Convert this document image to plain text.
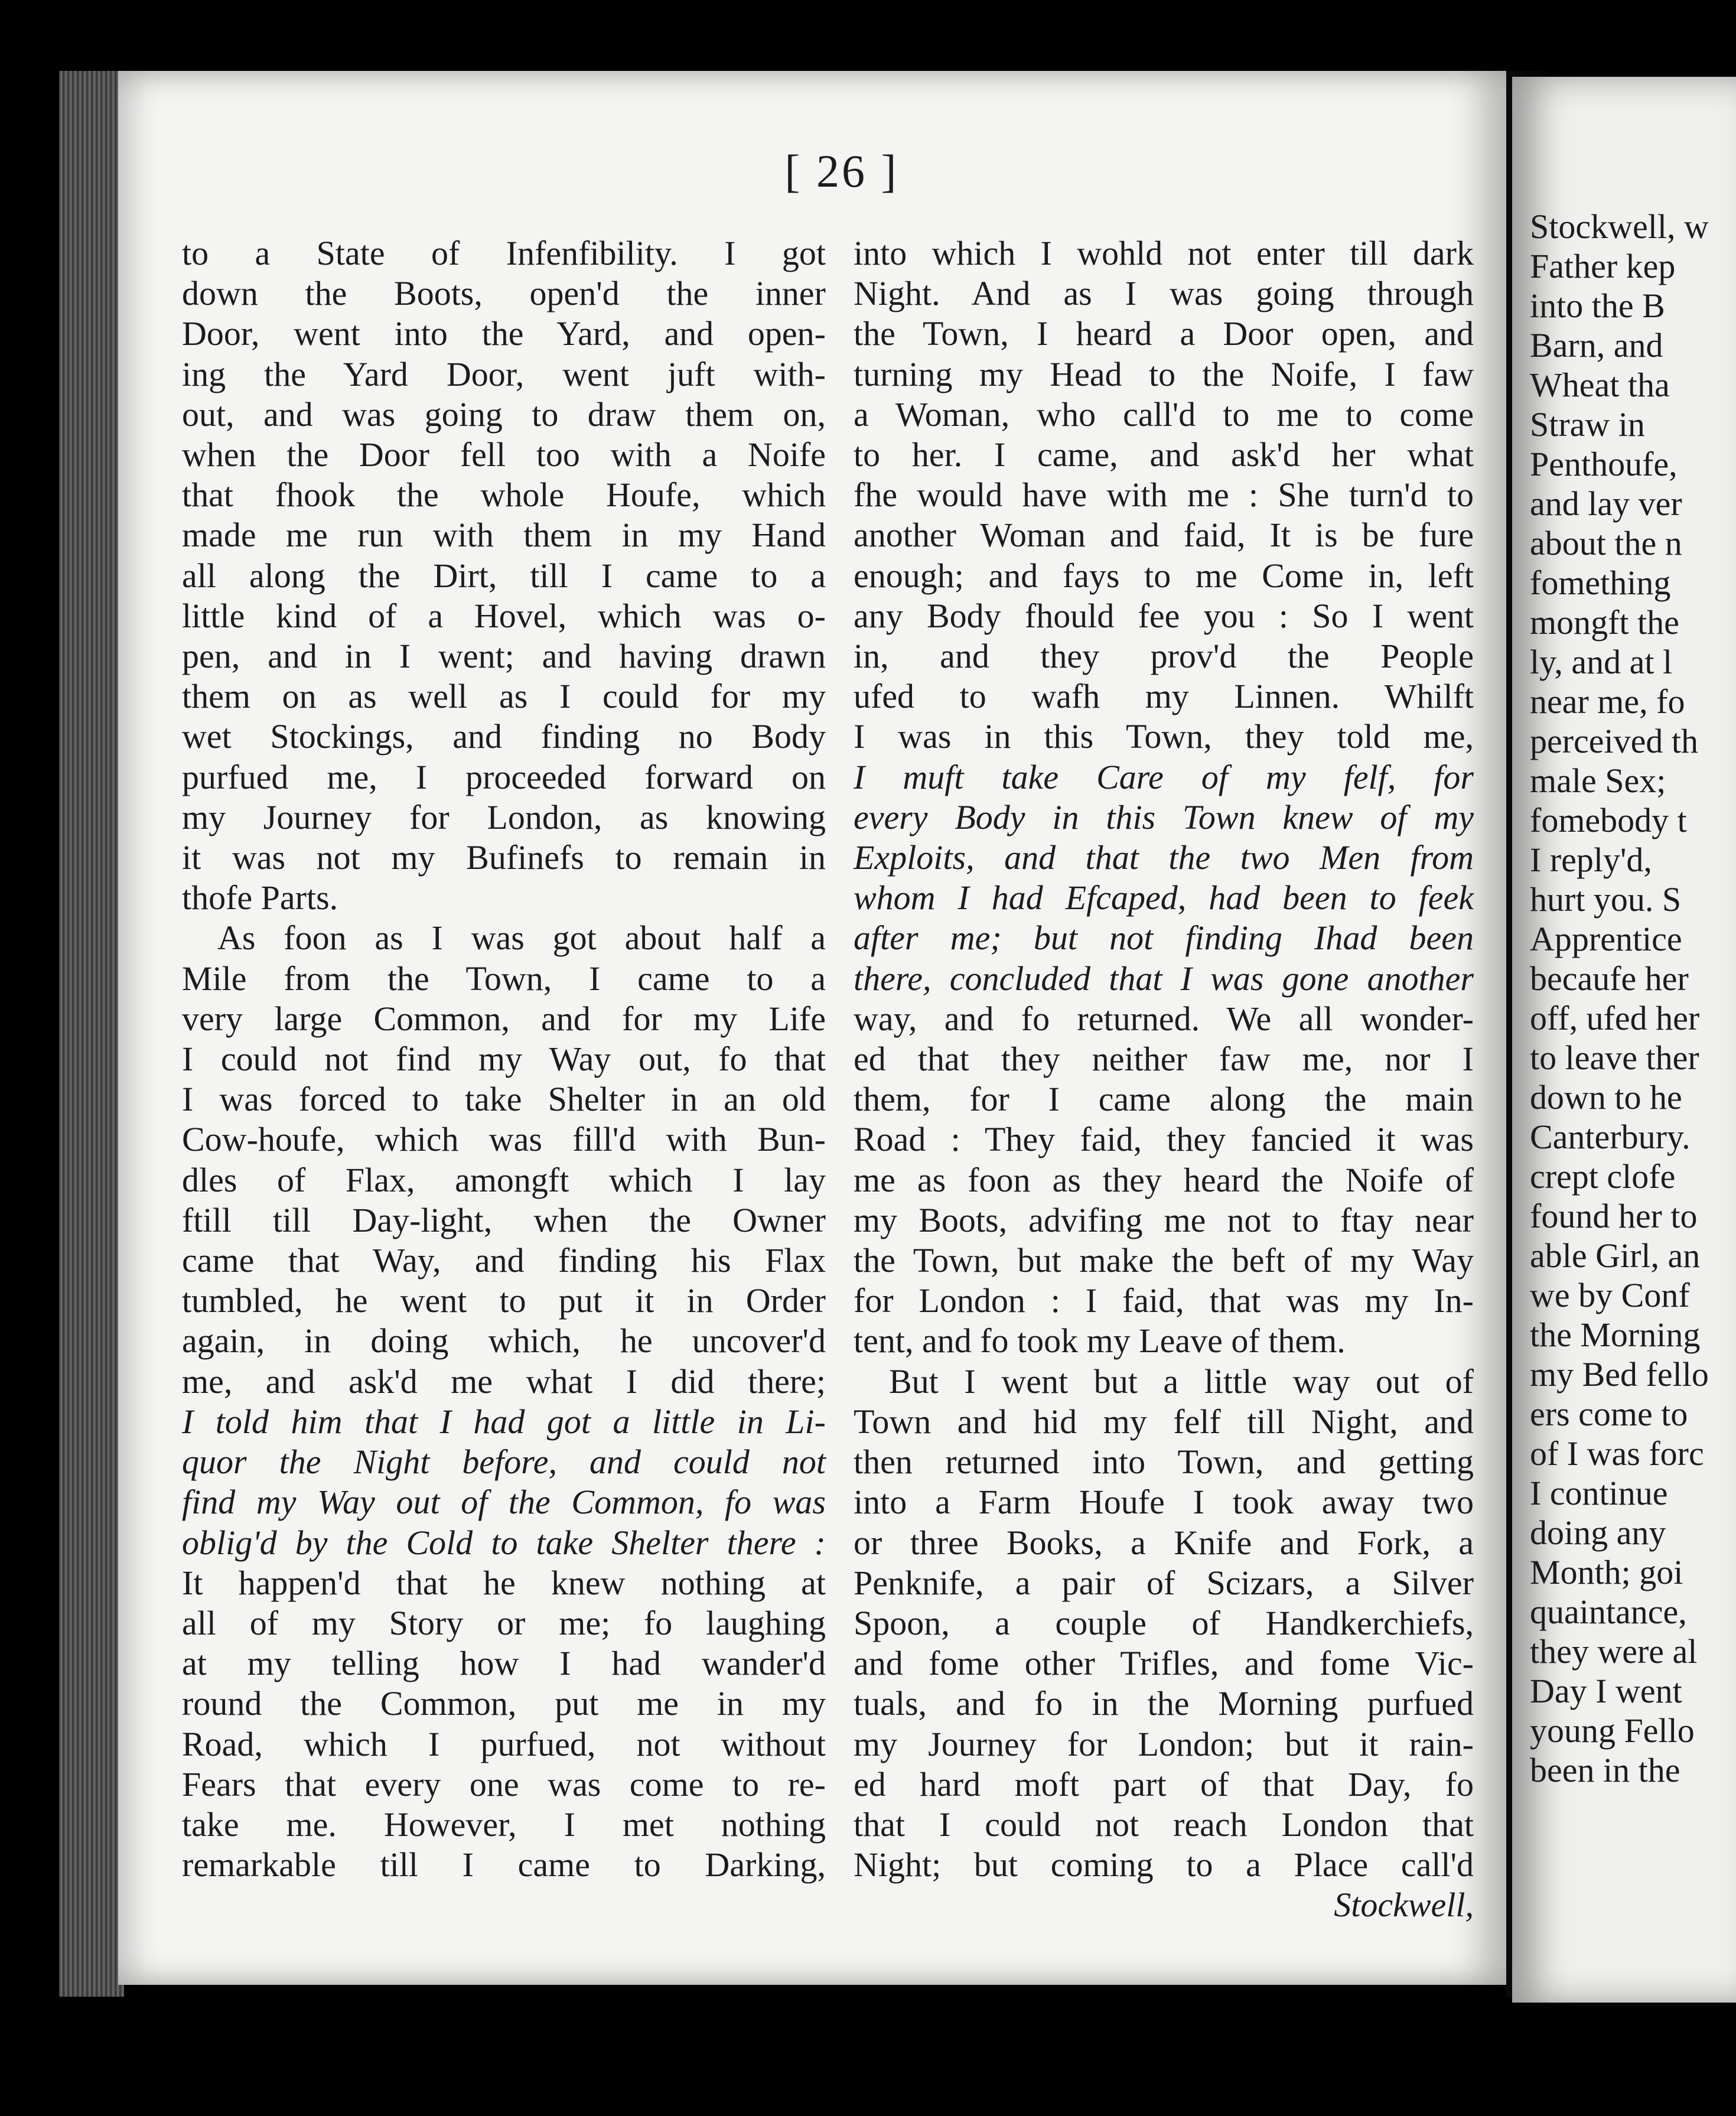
[ 26 ]
to a State of Infenfibility. I got
down the Boots, open'd the inner
Door, went into the Yard, and open-
ing the Yard Door, went juft with-
out, and was going to draw them on,
when the Door fell too with a Noife
that fhook the whole Houfe, which
made me run with them in my Hand
all along the Dirt, till I came to a
little kind of a Hovel, which was o-
pen, and in I went; and having drawn
them on as well as I could for my
wet Stockings, and finding no Body
purfued me, I proceeded forward on
my Journey for London, as knowing
it was not my Bufinefs to remain in
thofe Parts.
As foon as I was got about half a
Mile from the Town, I came to a
very large Common, and for my Life
I could not find my Way out, fo that
I was forced to take Shelter in an old
Cow-houfe, which was fill'd with Bun-
dles of Flax, amongft which I lay
ftill till Day-light, when the Owner
came that Way, and finding his Flax
tumbled, he went to put it in Order
again, in doing which, he uncover'd
me, and ask'd me what I did there;
I told him that I had got a little in Li-
quor the Night before, and could not
find my Way out of the Common, fo was
oblig'd by the Cold to take Shelter there :
It happen'd that he knew nothing at
all of my Story or me; fo laughing
at my telling how I had wander'd
round the Common, put me in my
Road, which I purfued, not without
Fears that every one was come to re-
take me. However, I met nothing
remarkable till I came to Darking,
into which I wohld not enter till dark
Night. And as I was going through
the Town, I heard a Door open, and
turning my Head to the Noife, I faw
a Woman, who call'd to me to come
to her. I came, and ask'd her what
fhe would have with me : She turn'd to
another Woman and faid, It is be fure
enough; and fays to me Come in, left
any Body fhould fee you : So I went
in, and they prov'd the People
ufed to wafh my Linnen. Whilft
I was in this Town, they told me,
I muft take Care of my felf, for
every Body in this Town knew of my
Exploits, and that the two Men from
whom I had Efcaped, had been to feek
after me; but not finding Ihad been
there, concluded that I was gone another
way, and fo returned. We all wonder-
ed that they neither faw me, nor I
them, for I came along the main
Road : They faid, they fancied it was
me as foon as they heard the Noife of
my Boots, advifing me not to ftay near
the Town, but make the beft of my Way
for London : I faid, that was my In-
tent, and fo took my Leave of them.
But I went but a little way out of
Town and hid my felf till Night, and
then returned into Town, and getting
into a Farm Houfe I took away two
or three Books, a Knife and Fork, a
Penknife, a pair of Scizars, a Silver
Spoon, a couple of Handkerchiefs,
and fome other Trifles, and fome Vic-
tuals, and fo in the Morning purfued
my Journey for London; but it rain-
ed hard moft part of that Day, fo
that I could not reach London that
Night; but coming to a Place call'd
Stockwell,
Stockwell, w
Father kep
into the B
Barn, and
Wheat tha
Straw in
Penthoufe,
and lay ver
about the n
fomething
mongft the
ly, and at l
near me, fo
perceived th
male Sex;
fomebody t
I reply'd,
hurt you. S
Apprentice
becaufe her
off, ufed her
to leave ther
down to he
Canterbury.
crept clofe
found her to
able Girl, an
we by Conf
the Morning
my Bed fello
ers come to
of I was forc
I continue
doing any
Month; goi
quaintance,
they were al
Day I went
young Fello
been in the
